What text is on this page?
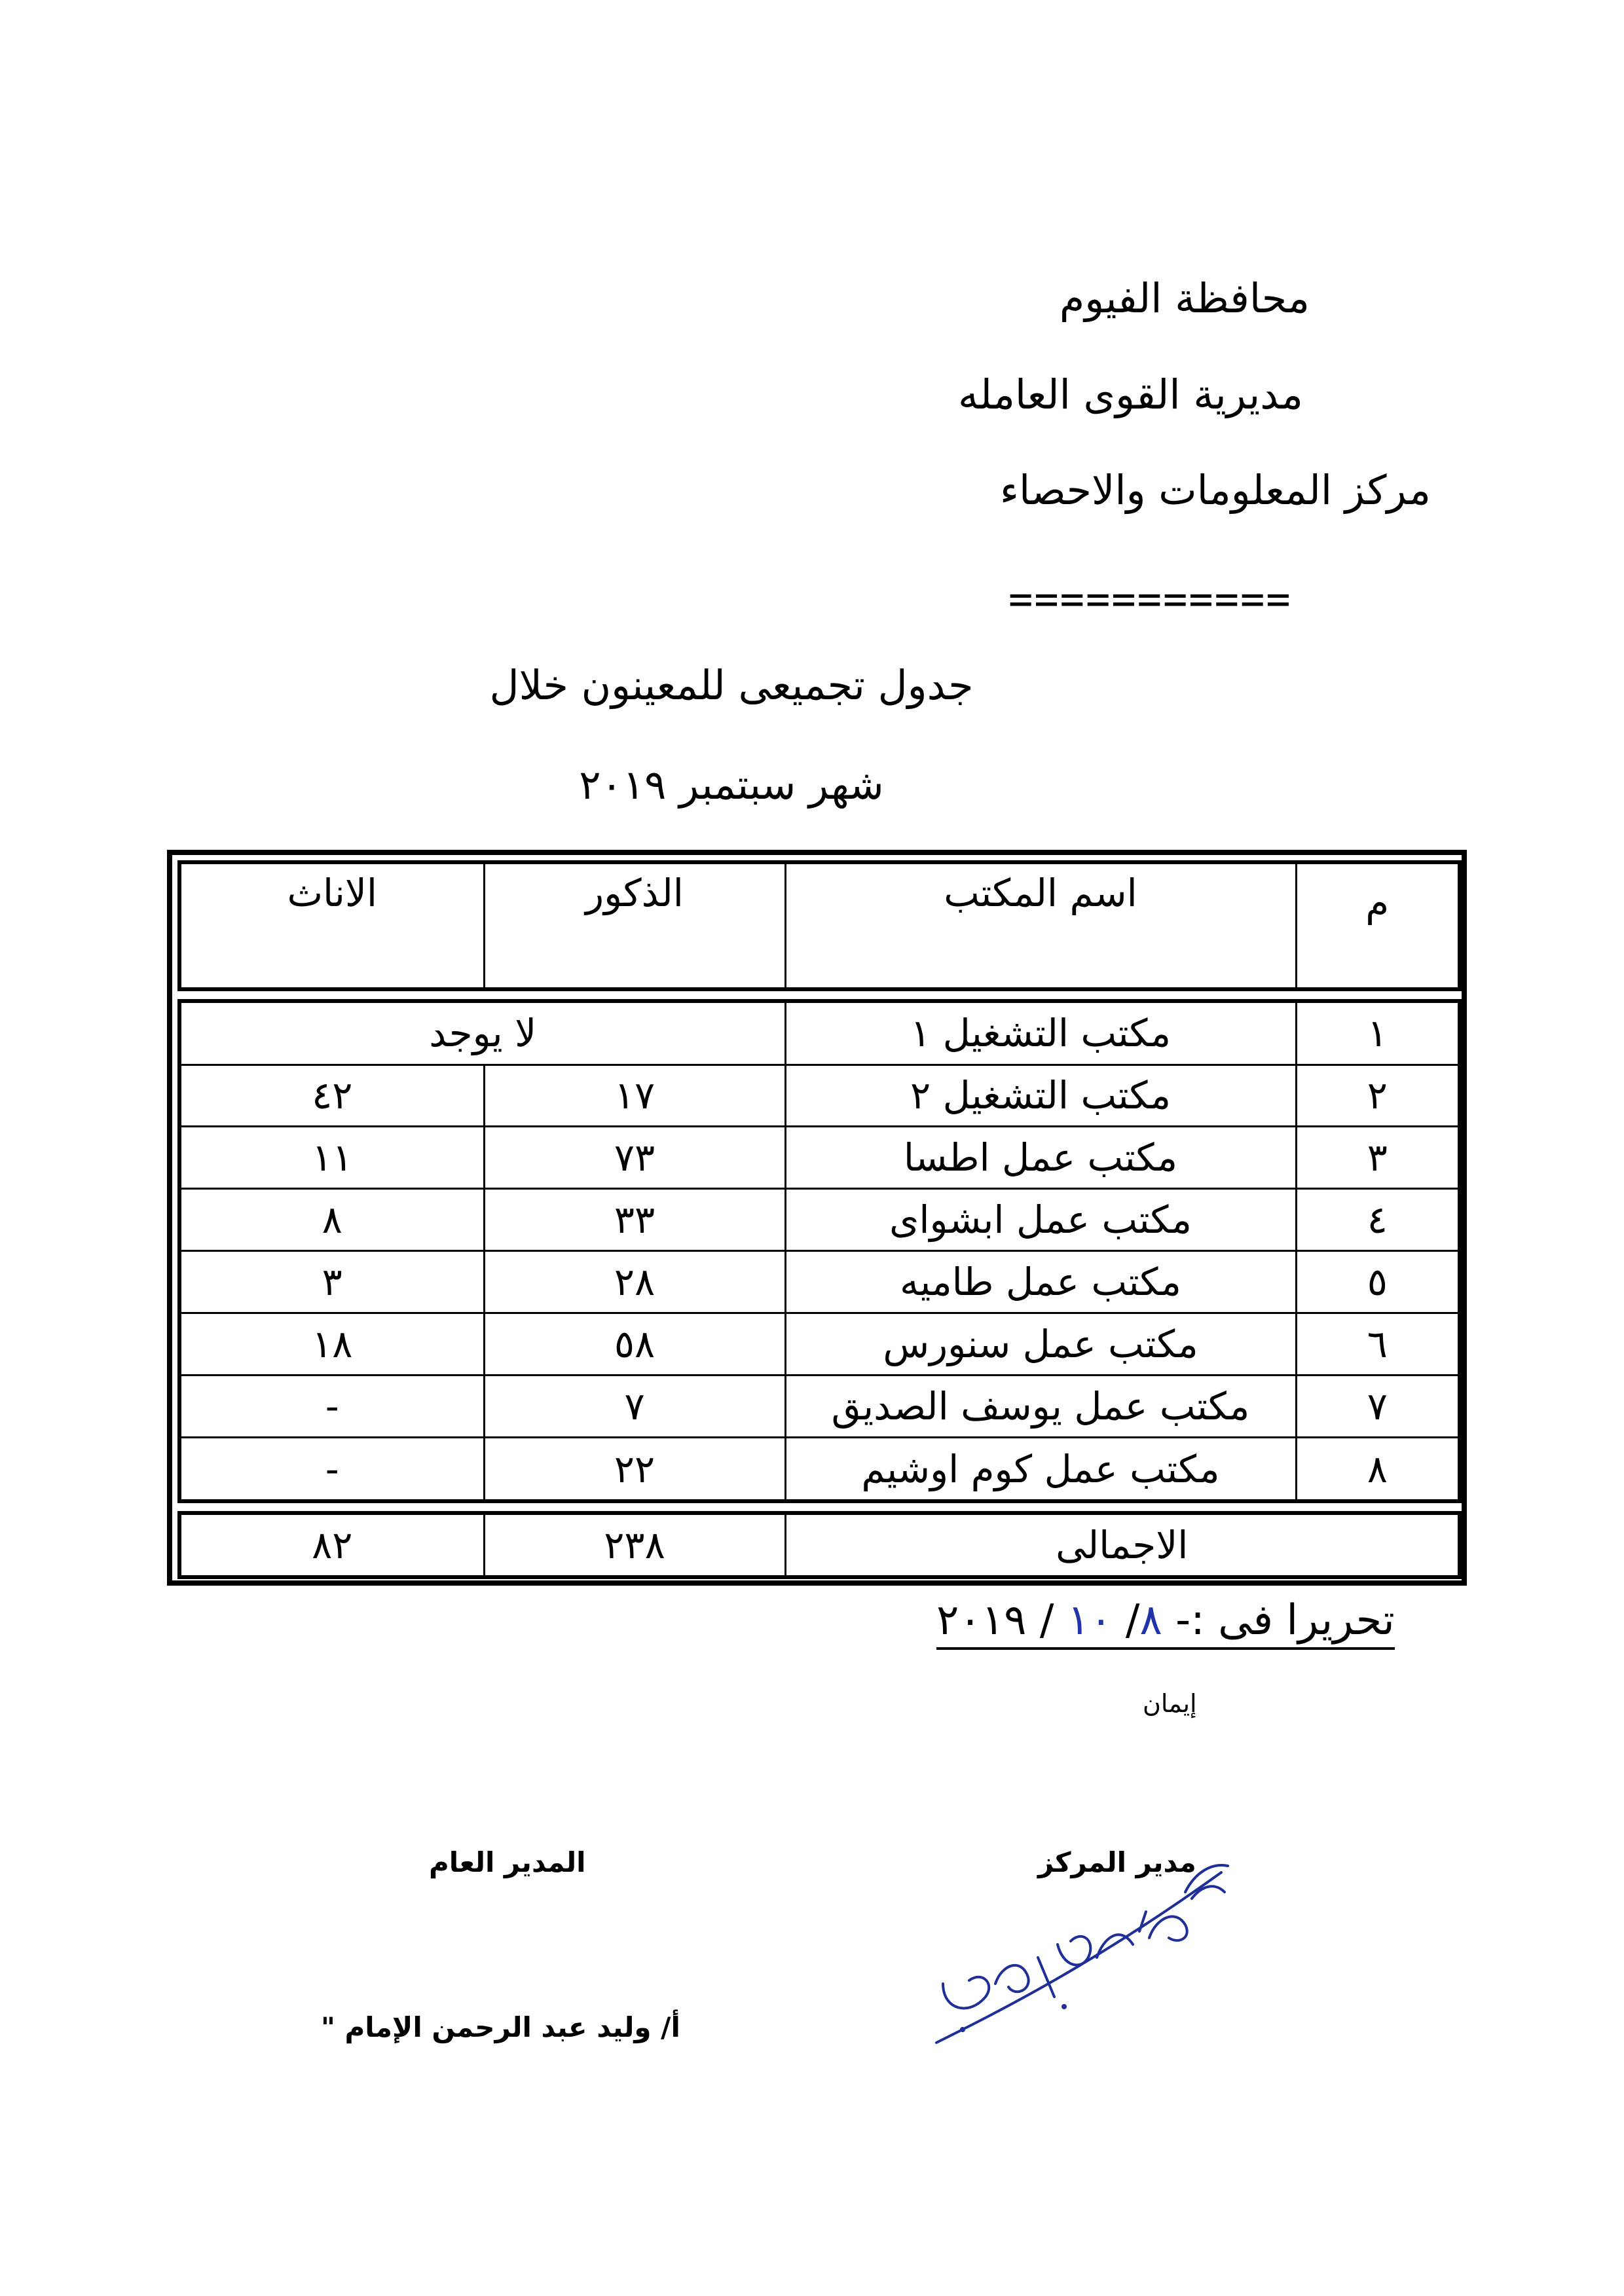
محافظة الفيوم
مديرية القوى العامله
مركز المعلومات والاحصاء
===========
جدول تجميعى للمعينون خلال
شهر سبتمبر ٢٠١٩
م	اسم المكتب	الذكور	الاناث
١	مكتب التشغيل ١	لا يوجد	
٢	مكتب التشغيل ٢	١٧	٤٢
٣	مكتب عمل اطسا	٧٣	١١
٤	مكتب عمل ابشواى	٣٣	٨
٥	مكتب عمل طاميه	٢٨	٣
٦	مكتب عمل سنورس	٥٨	١٨
٧	مكتب عمل يوسف الصديق	٧	-
٨	مكتب عمل كوم اوشيم	٢٢	-
الاجمالى	٢٣٨	٨٢
تحريرا فى :- ٨/ ١٠ / ٢٠١٩
إيمان
مدير المركز
المدير العام
أ/ وليد عبد الرحمن الإمام "
